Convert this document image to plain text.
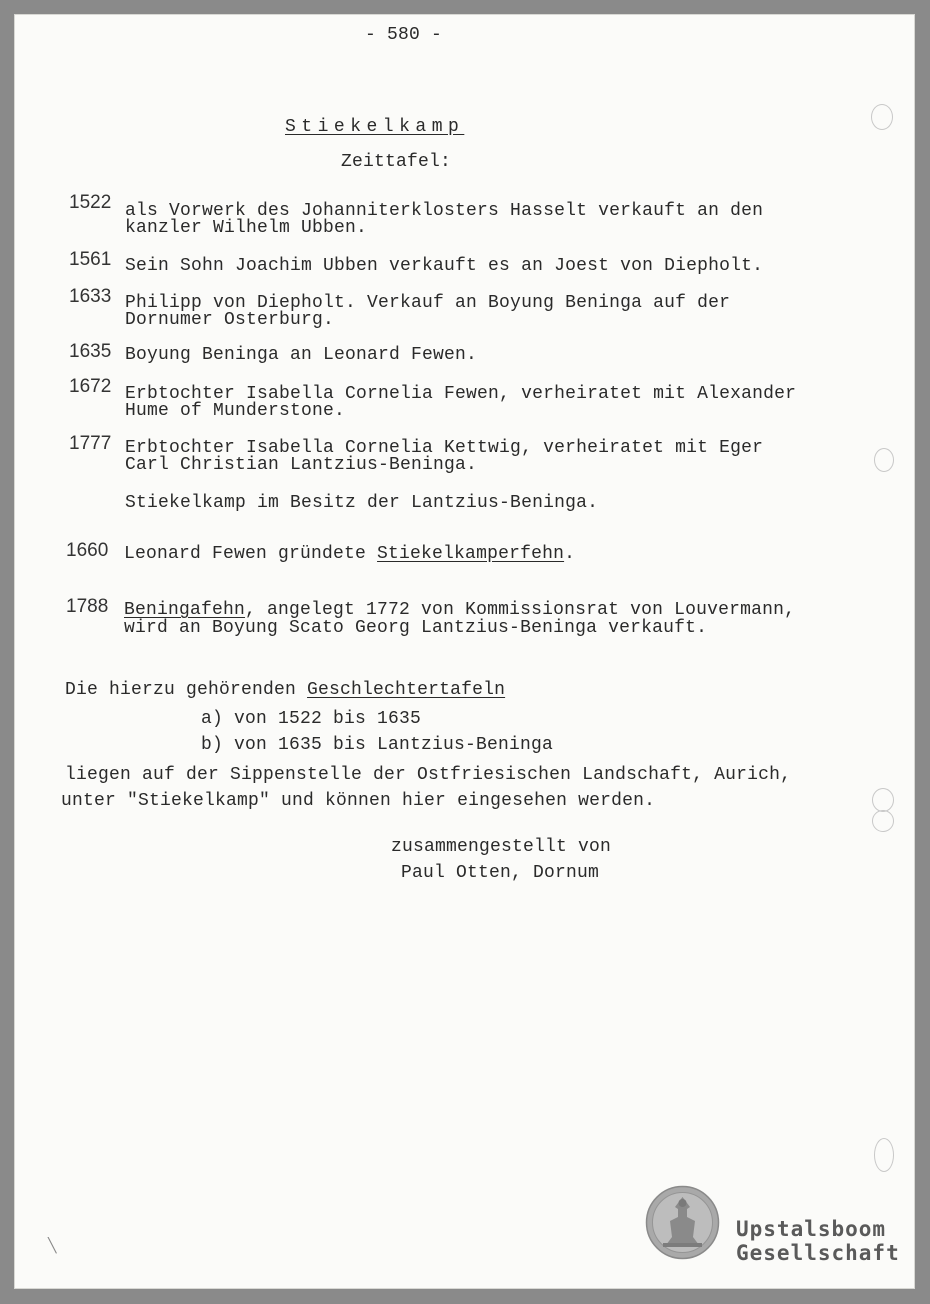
- 580 -
Stiekelkamp
Zeittafel:
1522 als Vorwerk des Johanniterklosters Hasselt verkauft an den
kanzler Wilhelm Ubben.
1561 Sein Sohn Joachim Ubben verkauft es an Joest von Diepholt.
1633 Philipp von Diepholt. Verkauf an Boyung Beninga auf der
Dornumer Osterburg.
1635 Boyung Beninga an Leonard Fewen.
1672 Erbtochter Isabella Cornelia Fewen, verheiratet mit Alexander
Hume of Munderstone.
1777 Erbtochter Isabella Cornelia Kettwig, verheiratet mit Eger
Carl Christian Lantzius-Beninga.
Stiekelkamp im Besitz der Lantzius-Beninga.
1660 Leonard Fewen gründete Stiekelkamperfehn.
1788 Beningafehn, angelegt 1772 von Kommissionsrat von Louvermann,
wird an Boyung Scato Georg Lantzius-Beninga verkauft.
Die hierzu gehörenden Geschlechtertafeln
a) von 1522 bis 1635
b) von 1635 bis Lantzius-Beninga
liegen auf der Sippenstelle der Ostfriesischen Landschaft, Aurich,
unter "Stiekelkamp" und können hier eingesehen werden.
zusammengestellt von
Paul Otten, Dornum
╲
Upstalsboom
Gesellschaft
